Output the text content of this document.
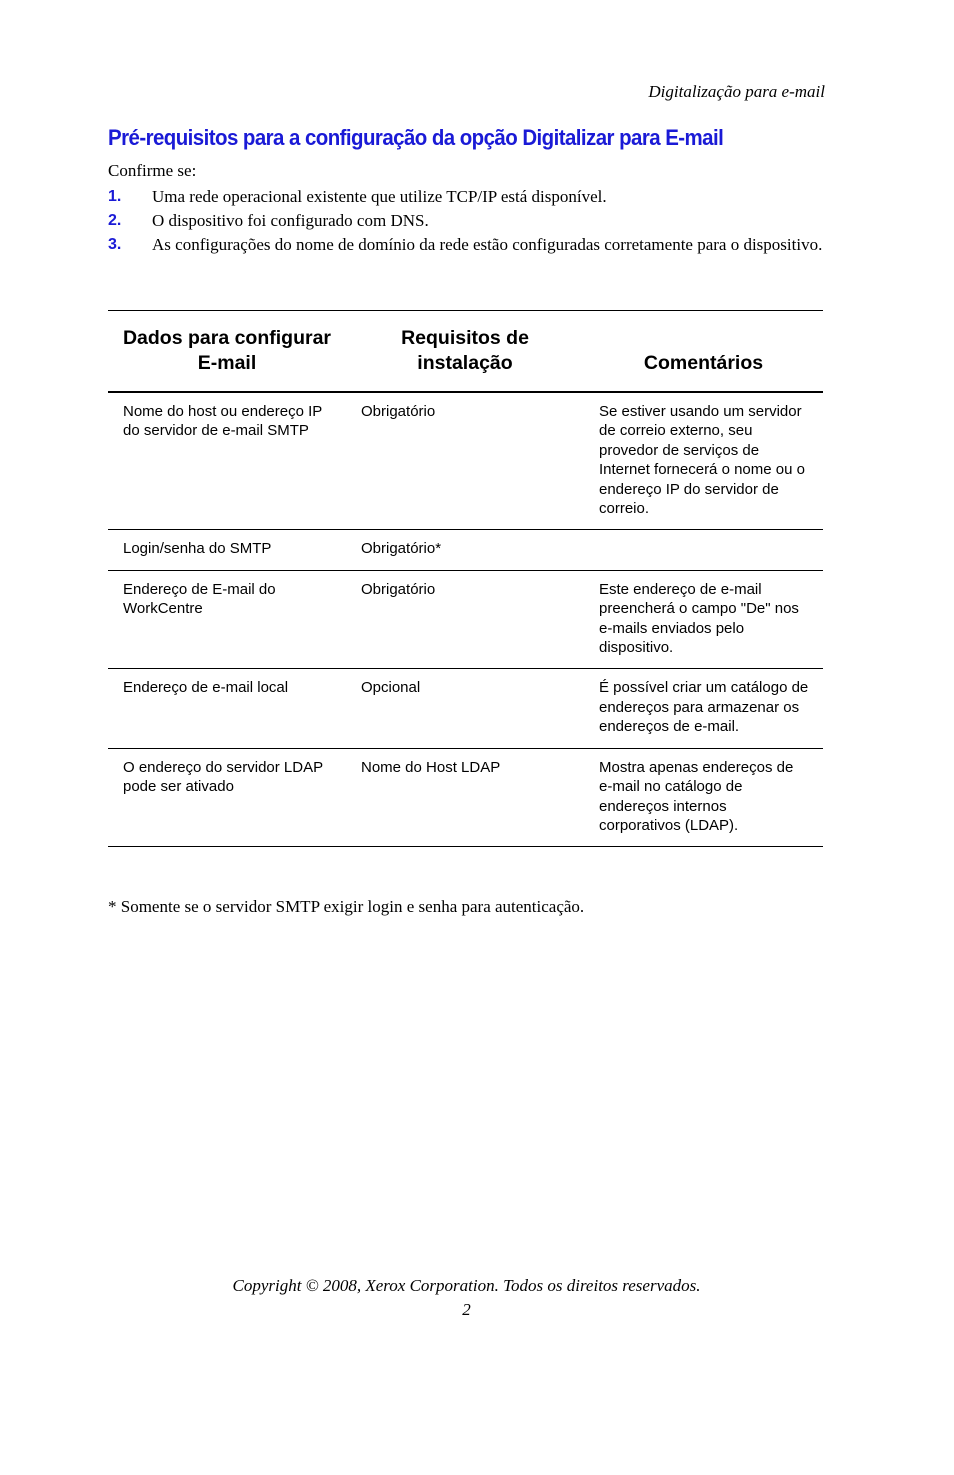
Digitalização para e-mail
Pré-requisitos para a configuração da opção Digitalizar para E-mail
Confirme se:
1. Uma rede operacional existente que utilize TCP/IP está disponível.
2. O dispositivo foi configurado com DNS.
3. As configurações do nome de domínio da rede estão configuradas corretamente para o dispositivo.
Dados para configurar E-mail	Requisitos de instalação	Comentários
Nome do host ou endereço IP do servidor de e-mail SMTP	Obrigatório	Se estiver usando um servidor de correio externo, seu provedor de serviços de Internet fornecerá o nome ou o endereço IP do servidor de correio.
Login/senha do SMTP	Obrigatório*	
Endereço de E-mail do WorkCentre	Obrigatório	Este endereço de e-mail preencherá o campo "De" nos e-mails enviados pelo dispositivo.
Endereço de e-mail local	Opcional	É possível criar um catálogo de endereços para armazenar os endereços de e-mail.
O endereço do servidor LDAP pode ser ativado	Nome do Host LDAP	Mostra apenas endereços de e-mail no catálogo de endereços internos corporativos (LDAP).
* Somente se o servidor SMTP exigir login e senha para autenticação.
Copyright © 2008, Xerox Corporation. Todos os direitos reservados.
2
